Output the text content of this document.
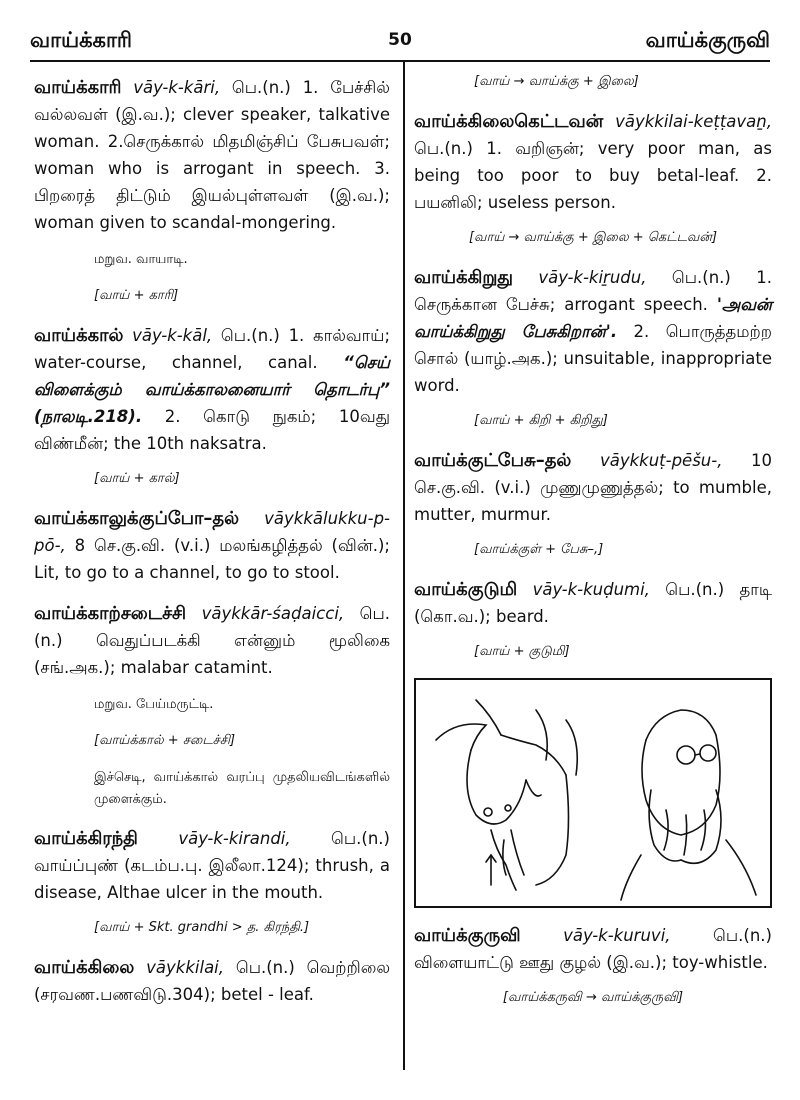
வாய்க்காரி	50	வாய்க்குருவி
வாய்க்காரி vāy-k-kāri, பெ.(n.) 1. பேச்சில் வல்லவள் (இ.வ.); clever speaker, talkative woman. 2.செருக்கால் மிதமிஞ்சிப் பேசுபவள்; woman who is arrogant in speech. 3. பிறரைத் திட்டும் இயல்புள்ளவள் (இ.வ.); woman given to scandal-mongering.
மறுவ. வாயாடி.
[வாய் + காரி]
வாய்க்கால் vāy-k-kāl, பெ.(n.) 1. கால்வாய்; water-course, channel, canal. “செய் விளைக்கும் வாய்க்காலனையார் தொடர்பு” (நாலடி.218). 2. கொடு நுகம்; 10வது விண்மீன்; the 10th naksatra.
[வாய் + கால்]
வாய்க்காலுக்குப்போ–தல் vāykkālukku-p-pō-, 8 செ.கு.வி. (v.i.) மலங்கழித்தல் (வின்.); Lit, to go to a channel, to go to stool.
வாய்க்காற்சடைச்சி vāykkār-śaḍaicci, பெ.(n.) வெதுப்படக்கி என்னும் மூலிகை (சங்.அக.); malabar catamint.
மறுவ. பேய்மருட்டி.
[வாய்க்கால் + சடைச்சி]
இச்செடி, வாய்க்கால் வரப்பு முதலியவிடங்களில் முளைக்கும்.
வாய்க்கிரந்தி vāy-k-kirandi, பெ.(n.) வாய்ப்புண் (கடம்ப.பு. இலீலா.124); thrush, a disease, Althae ulcer in the mouth.
[வாய் + Skt. grandhi > த. கிரந்தி.]
வாய்க்கிலை vāykkilai, பெ.(n.) வெற்றிலை (சரவண.பணவிடு.304); betel - leaf.
[வாய் → வாய்க்கு + இலை]
வாய்க்கிலைகெட்டவன் vāykkilai-keṭṭavaṉ, பெ.(n.) 1. வறிஞன்; very poor man, as being too poor to buy betal-leaf. 2. பயனிலி; useless person.
[வாய் → வாய்க்கு + இலை + கெட்டவன்]
வாய்க்கிறுது vāy-k-kiṟudu, பெ.(n.) 1. செருக்கான பேச்சு; arrogant speech. 'அவன் வாய்க்கிறுது பேசுகிறான்'. 2. பொருத்தமற்ற சொல் (யாழ்.அக.); unsuitable, inappropriate word.
[வாய் + கிறி + கிறிது]
வாய்க்குட்பேசு–தல் vāykkuṭ-pēšu-, 10 செ.கு.வி. (v.i.) முணுமுணுத்தல்; to mumble, mutter, murmur.
[வாய்க்குள் + பேசு–,]
வாய்க்குடுமி vāy-k-kuḍumi, பெ.(n.) தாடி (கொ.வ.); beard.
[வாய் + குடுமி]
வாய்க்குருவி	vāy-k-kuruvi,	பெ.(n.) விளையாட்டு ஊது குழல் (இ.வ.); toy-whistle.
[வாய்க்கருவி → வாய்க்குருவி]
